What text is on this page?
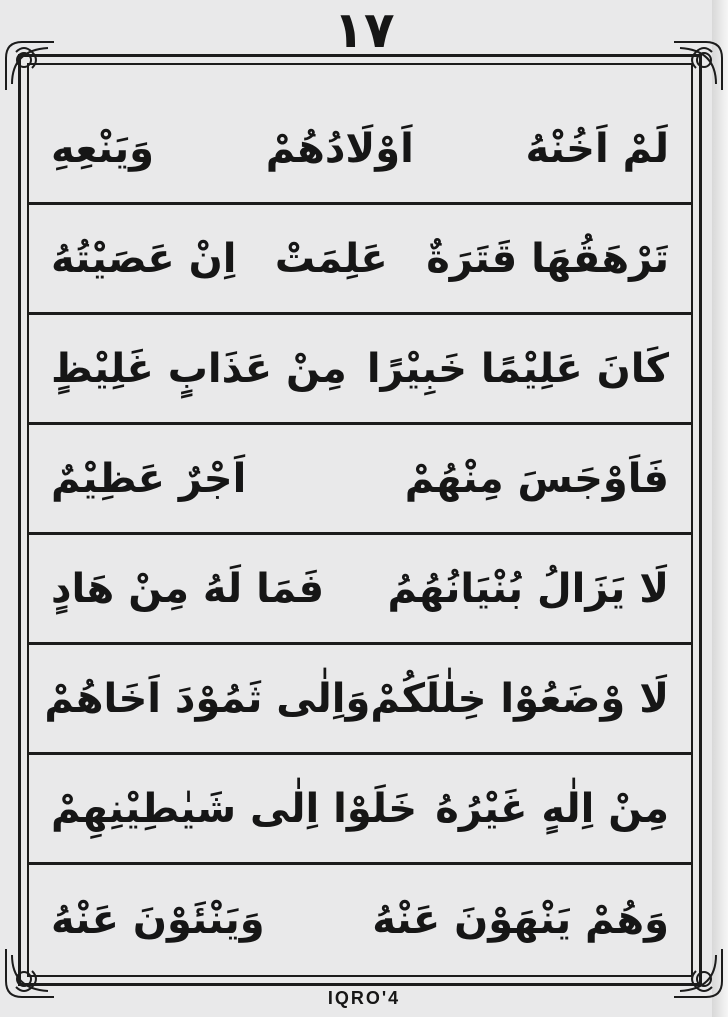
١٧
لَمْ اَخُنْهُ
اَوْلَادُهُمْ
وَيَنْعِهِ
تَرْهَقُهَا قَتَرَةٌ
عَلِمَتْ
اِنْ عَصَيْتُهُ
كَانَ عَلِيْمًا خَبِيْرًا
مِنْ عَذَابٍ غَلِيْظٍ
فَاَوْجَسَ مِنْهُمْ
اَجْرٌ عَظِيْمٌ
لَا يَزَالُ بُنْيَانُهُمُ
فَمَا لَهُ مِنْ هَادٍ
لَا وْضَعُوْا خِلٰلَكُمْ
وَاِلٰى ثَمُوْدَ اَخَاهُمْ
مِنْ اِلٰهٍ غَيْرُهُ
خَلَوْا اِلٰى شَيٰطِيْنِهِمْ
وَهُمْ يَنْهَوْنَ عَنْهُ
وَيَنْئَوْنَ عَنْهُ
IQRO'4
